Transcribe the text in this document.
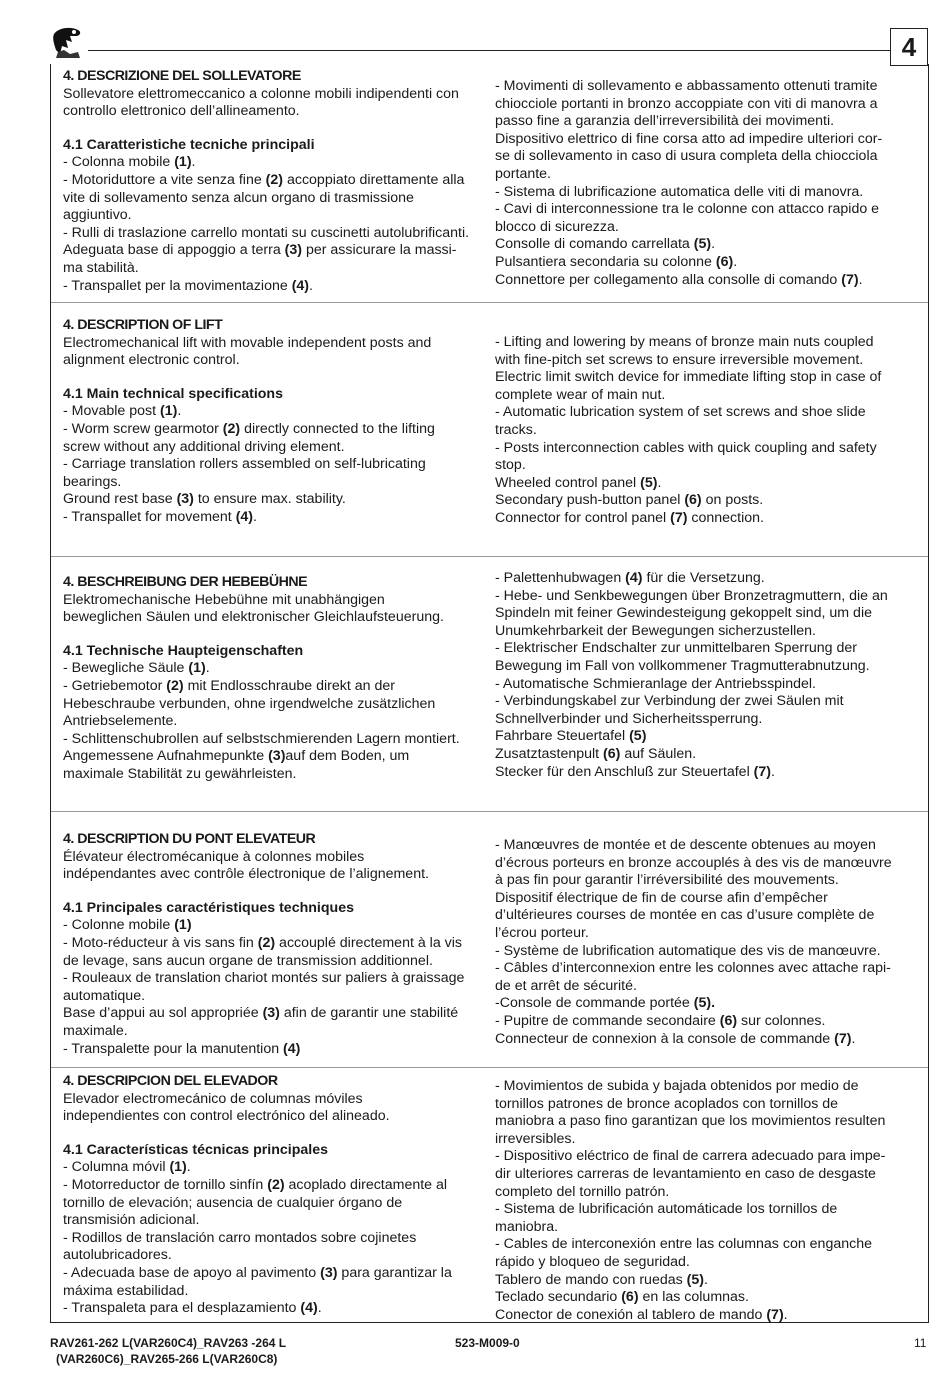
4
4. DESCRIZIONE DEL SOLLEVATORE
Sollevatore elettromeccanico a colonne mobili indipendenti con
controllo elettronico dell’allineamento.
4.1 Caratteristiche tecniche principali
- Colonna mobile (1).
- Motoriduttore a vite senza fine (2) accoppiato direttamente alla
vite di sollevamento senza alcun organo di trasmissione
aggiuntivo.
- Rulli di traslazione carrello montati su cuscinetti autolubrificanti.
Adeguata base di appoggio a terra (3) per assicurare la massi-
ma stabilità.
- Transpallet per la movimentazione (4).
- Movimenti di sollevamento e abbassamento ottenuti tramite
chiocciole portanti in bronzo accoppiate con viti di manovra a
passo fine a garanzia dell’irreversibilità dei movimenti.
Dispositivo elettrico di fine corsa atto ad impedire ulteriori cor-
se di sollevamento in caso di usura completa della chiocciola
portante.
- Sistema di lubrificazione automatica delle viti di manovra.
- Cavi di interconnessione tra le colonne con attacco rapido e
blocco di sicurezza.
Consolle di comando carrellata (5).
Pulsantiera secondaria su colonne (6).
Connettore per collegamento alla consolle di comando (7).
4. DESCRIPTION OF LIFT
Electromechanical lift with movable independent posts and
alignment electronic control.
4.1 Main technical specifications
- Movable post (1).
- Worm screw gearmotor (2) directly connected to the lifting
screw without any additional driving element.
- Carriage translation rollers assembled on self-lubricating
bearings.
Ground rest base (3) to ensure max. stability.
- Transpallet for movement (4).
- Lifting and lowering by means of bronze main nuts coupled
with fine-pitch set screws to ensure irreversible movement.
Electric limit switch device for immediate lifting stop in case of
complete wear of main nut.
- Automatic lubrication system of set screws and shoe slide
tracks.
- Posts interconnection cables with quick coupling and safety
stop.
Wheeled control panel (5).
Secondary push-button panel (6) on posts.
Connector for control panel (7) connection.
4. BESCHREIBUNG DER HEBEBÜHNE
Elektromechanische Hebebühne mit unabhängigen
beweglichen Säulen und elektronischer Gleichlaufsteuerung.
4.1 Technische Haupteigenschaften
- Bewegliche Säule (1).
- Getriebemotor (2) mit Endlosschraube direkt an der
Hebeschraube verbunden, ohne irgendwelche zusätzlichen
Antriebselemente.
- Schlittenschubrollen auf selbstschmierenden Lagern montiert.
Angemessene Aufnahmepunkte (3)auf dem Boden, um
maximale Stabilität zu gewährleisten.
- Palettenhubwagen (4) für die Versetzung.
- Hebe- und Senkbewegungen über Bronzetragmuttern, die an
Spindeln mit feiner Gewindesteigung gekoppelt sind, um die
Unumkehrbarkeit der Bewegungen sicherzustellen.
- Elektrischer Endschalter zur unmittelbaren Sperrung der
Bewegung im Fall von vollkommener Tragmutterabnutzung.
- Automatische Schmieranlage der Antriebsspindel.
- Verbindungskabel zur Verbindung der zwei Säulen mit
Schnellverbinder und Sicherheitssperrung.
Fahrbare Steuertafel (5)
Zusatztastenpult (6) auf Säulen.
Stecker für den Anschluß zur Steuertafel (7).
4. DESCRIPTION DU PONT ELEVATEUR
Élévateur électromécanique à colonnes mobiles
indépendantes avec contrôle électronique de l’alignement.
4.1 Principales caractéristiques techniques
- Colonne mobile (1)
- Moto-réducteur à vis sans fin (2) accouplé directement à la vis
de levage, sans aucun organe de transmission additionnel.
- Rouleaux de translation chariot montés sur paliers à graissage
automatique.
Base d’appui au sol appropriée (3) afin de garantir une stabilité
maximale.
- Transpalette pour la manutention (4)
- Manœuvres de montée et de descente obtenues au moyen
d’écrous porteurs en bronze accouplés à des vis de manœuvre
à pas fin pour garantir l’irréversibilité des mouvements.
Dispositif électrique de fin de course afin d’empêcher
d’ultérieures courses de montée en cas d’usure complète de
l’écrou porteur.
- Système de lubrification automatique des vis de manœuvre.
- Câbles d’interconnexion entre les colonnes avec attache rapi-
de et arrêt de sécurité.
-Console de commande portée (5).
- Pupitre de commande secondaire (6) sur colonnes.
Connecteur de connexion à la console de commande (7).
4. DESCRIPCION DEL ELEVADOR
Elevador electromecánico de columnas móviles
independientes con control electrónico del alineado.
4.1 Características técnicas principales
- Columna móvil (1).
- Motorreductor de tornillo sinfín (2) acoplado directamente al
tornillo de elevación; ausencia de cualquier órgano de
transmisión adicional.
- Rodillos de translación carro montados sobre cojinetes
autolubricadores.
- Adecuada base de apoyo al pavimento (3) para garantizar la
máxima estabilidad.
- Transpaleta para el desplazamiento (4).
- Movimientos de subida y bajada obtenidos por medio de
tornillos patrones de bronce acoplados con tornillos de
maniobra a paso fino garantizan que los movimientos resulten
irreversibles.
- Dispositivo eléctrico de final de carrera adecuado para impe-
dir ulteriores carreras de levantamiento en caso de desgaste
completo del tornillo patrón.
- Sistema de lubrificación automáticade los tornillos de
maniobra.
- Cables de interconexión entre las columnas con enganche
rápido y bloqueo de seguridad.
Tablero de mando con ruedas (5).
Teclado secundario (6) en las columnas.
Conector de conexión al tablero de mando (7).
RAV261-262 L(VAR260C4)_RAV263 -264 L
(VAR260C6)_RAV265-266 L(VAR260C8)
523-M009-0	11
